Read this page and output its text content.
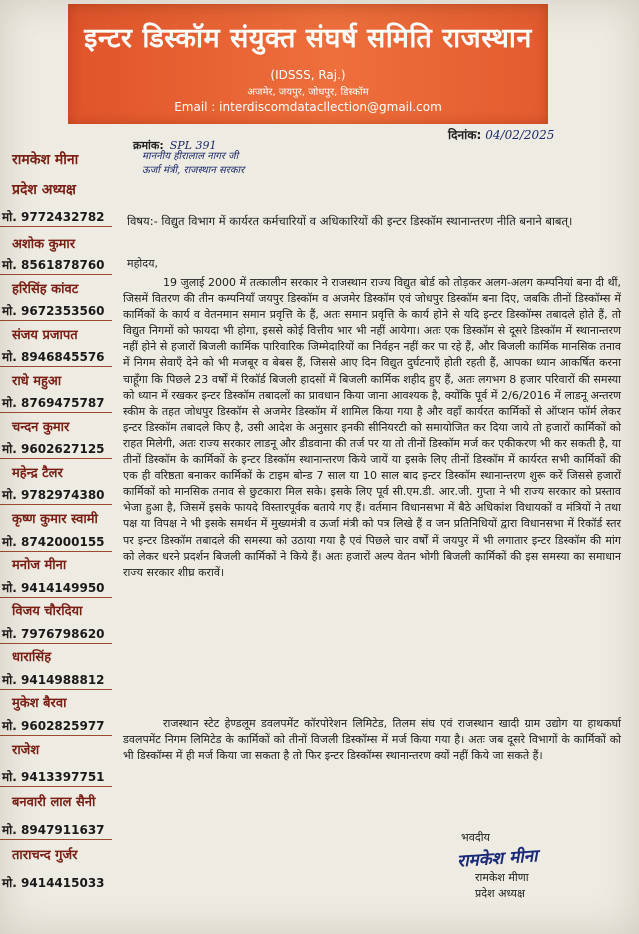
इन्टर डिस्कॉम संयुक्त संघर्ष समिति राजस्थान
(IDSSS, Raj.)
अजमेर, जयपुर, जोधपुर, डिस्कॉम
Email : interdiscomdatacllection@gmail.com
क्रमांक: SPL 391
दिनांक: 04/02/2025
रामकेश मीना
प्रदेश अध्यक्ष
मो. 9772432782
अशोक कुमार
मो. 8561878760
हरिसिंह कांवट
मो. 9672353560
संजय प्रजापत
मो. 8946845576
राधे महुआ
मो. 8769475787
चन्दन कुमार
मो. 9602627125
महेन्द्र टैलर
मो. 9782974380
कृष्ण कुमार स्वामी
मो. 8742000155
मनोज मीना
मो. 9414149950
विजय चौरदिया
मो. 7976798620
धारासिंह
मो. 9414988812
मुकेश बैरवा
मो. 9602825977
राजेश
मो. 9413397751
बनवारी लाल सैनी
मो. 8947911637
ताराचन्द गुर्जर
मो. 9414415033
माननीय हीरालाल नागर जी
ऊर्जा मंत्री, राजस्थान सरकार
विषय:- विद्युत विभाग में कार्यरत कर्मचारियों व अधिकारियों की इन्टर डिस्कॉम स्थानान्तरण नीति बनाने बाबत्।
महोदय,

19 जुलाई 2000 में तत्कालीन सरकार ने राजस्थान राज्य विद्युत बोर्ड को तोड़कर अलग-अलग कम्पनियां बना दी थीं, जिसमें वितरण की तीन कम्पनियाँ जयपुर डिस्कॉम व अजमेर डिस्कॉम एवं जोधपुर डिस्कॉम बना दिए, जबकि तीनों डिस्कॉम्स में कार्मिकों के कार्य व वेतनमान समान प्रवृत्ति के हैं, अतः समान प्रवृत्ति के कार्य होने से यदि इन्टर डिस्कॉम्स तबादले होते हैं, तो विद्युत निगमों को फायदा भी होगा, इससे कोई वित्तीय भार भी नहीं आयेगा। अतः एक डिस्कॉम से दूसरे डिस्कॉम में स्थानान्तरण नहीं होने से हजारों बिजली कार्मिक पारिवारिक जिम्मेदारियों का निर्वहन नहीं कर पा रहे हैं, और बिजली कार्मिक मानसिक तनाव में निगम सेवाएँ देने को भी मजबूर व बेबस हैं, जिससे आए दिन विद्युत दुर्घटनाएँ होती रहती हैं, आपका ध्यान आकर्षित करना चाहूँगा कि पिछले 23 वर्षों में रिकॉर्ड बिजली हादसों में बिजली कार्मिक शहीद हुए हैं, अतः लगभग 8 हजार परिवारों की समस्या को ध्यान में रखकर इन्टर डिस्कॉम तबादलों का प्रावधान किया जाना आवश्यक है, क्योंकि पूर्व में 2/6/2016 में लाडनू अन्तरण स्कीम के तहत जोधपुर डिस्कॉम से अजमेर डिस्कॉम में शामिल किया गया है और वहाँ कार्यरत कार्मिकों से ऑप्शन फॉर्म लेकर इन्टर डिस्कॉम तबादले किए है, उसी आदेश के अनुसार इनकी सीनियरटी को समायोजित कर दिया जाये तो हजारों कार्मिकों को राहत मिलेगी, अतः राज्य सरकार लाडनू और डीडवाना की तर्ज पर या तो तीनों डिस्कॉम मर्ज कर एकीकरण भी कर सकती है, या तीनों डिस्कॉम के कार्मिकों के इन्टर डिस्कॉम स्थानान्तरण किये जायें या इसके लिए तीनों डिस्कॉम में कार्यरत सभी कार्मिकों की एक ही वरिष्ठता बनाकर कार्मिकों के टाइम बोन्ड 7 साल या 10 साल बाद इन्टर डिस्कॉम स्थानान्तरण शुरू करें जिससे हजारों कार्मिकों को मानसिक तनाव से छुटकारा मिल सके। इसके लिए पूर्व सी.एम.डी. आर.जी. गुप्ता ने भी राज्य सरकार को प्रस्ताव भेजा हुआ है, जिसमें इसके फायदे विस्तारपूर्वक बताये गए हैं। वर्तमान विधानसभा में बैठे अधिकांश विधायकों व मंत्रियों ने तथा पक्ष या विपक्ष ने भी इसके समर्थन में मुख्यमंत्री व ऊर्जा मंत्री को पत्र लिखे हैं व जन प्रतिनिधियों द्वारा विधानसभा में रिकॉर्ड स्तर पर इन्टर डिस्कॉम तबादले की समस्या को उठाया गया है एवं पिछले चार वर्षों में जयपुर में भी लगातार इन्टर डिस्कॉम की मांग को लेकर धरने प्रदर्शन बिजली कार्मिकों ने किये हैं। अतः हजारों अल्प वेतन भोगी बिजली कार्मिकों की इस समस्या का समाधान राज्य सरकार शीघ्र करावें।

राजस्थान स्टेट हेण्डलूम डवलपमेंट कॉरपोरेशन लिमिटेड, तिलम संघ एवं राजस्थान खादी ग्राम उद्योग या हाथकर्घा डवलपमेंट निगम लिमिटेड के कार्मिकों को तीनों विजली डिस्कॉम्स में मर्ज किया गया है। अतः जब दूसरे विभागों के कार्मिकों को भी डिस्कॉम्स में ही मर्ज किया जा सकता है तो फिर इन्टर डिस्कॉम्स स्थानान्तरण क्यों नहीं किये जा सकते हैं।

भवदीय
रामकेश मीना
रामकेश मीणा
प्रदेश अध्यक्ष
